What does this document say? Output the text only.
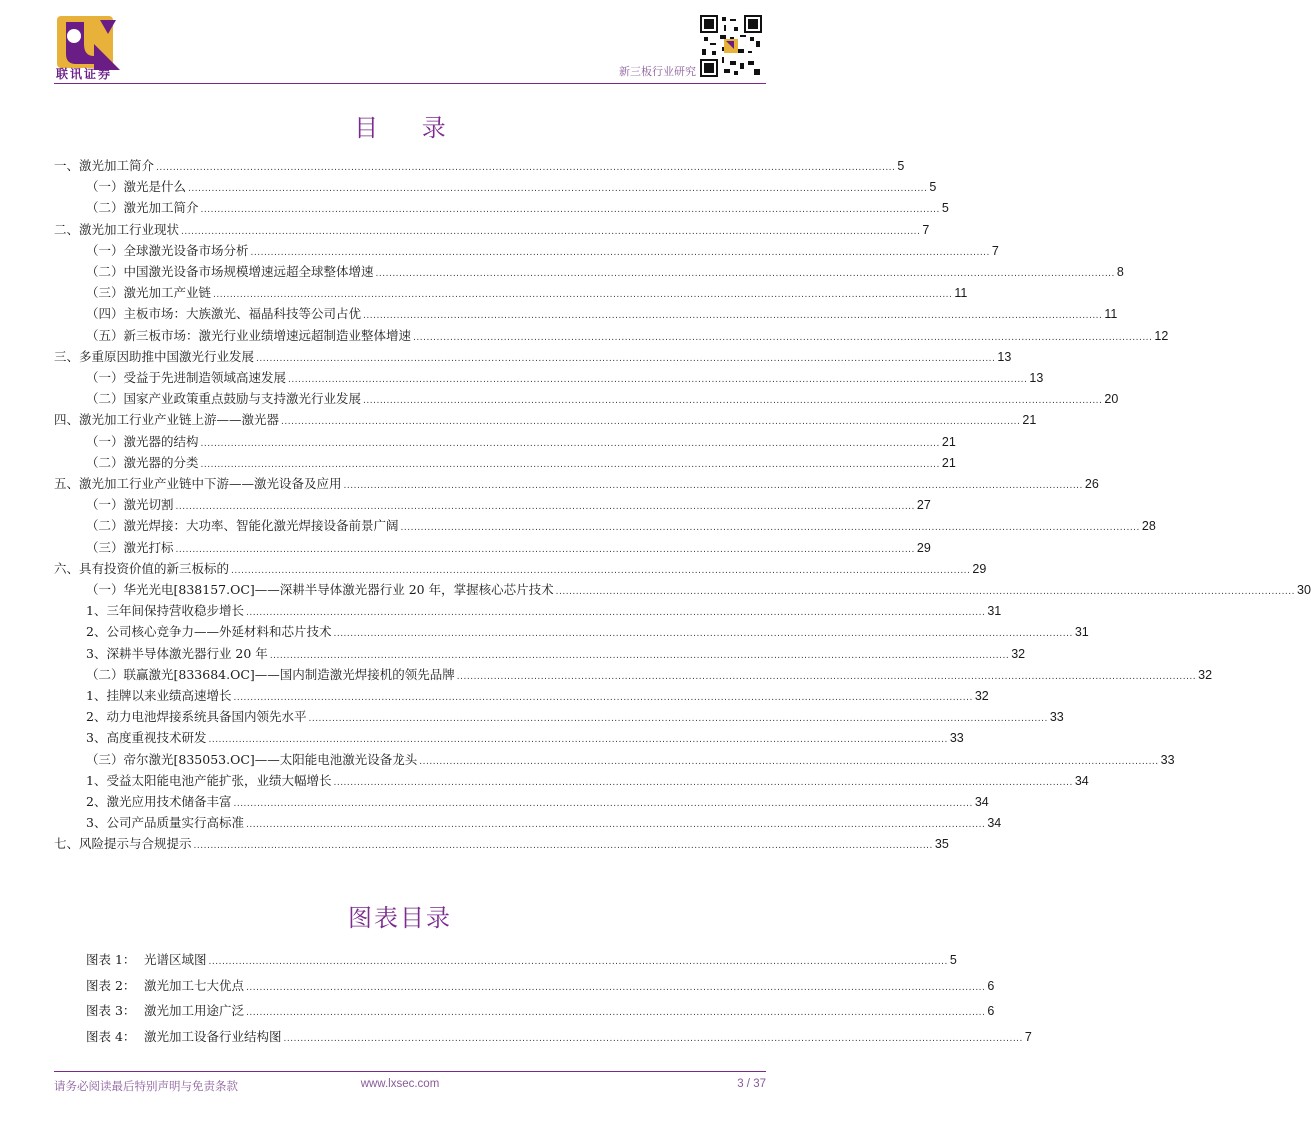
联讯证券	新三板行业研究
目 录
一、激光加工简介 ............................................................................................................................................................................................................................ 5
（一）激光是什么 ............................................................................................................................................................................................................................ 5
（二）激光加工简介 ............................................................................................................................................................................................................................ 5
二、激光加工行业现状 ............................................................................................................................................................................................................................ 7
（一）全球激光设备市场分析 ............................................................................................................................................................................................................................ 7
（二）中国激光设备市场规模增速远超全球整体增速 ............................................................................................................................................................................................................................ 8
（三）激光加工产业链 ............................................................................................................................................................................................................................ 11
（四）主板市场：大族激光、福晶科技等公司占优 ............................................................................................................................................................................................................................ 11
（五）新三板市场：激光行业业绩增速远超制造业整体增速 ............................................................................................................................................................................................................................ 12
三、多重原因助推中国激光行业发展 ............................................................................................................................................................................................................................ 13
（一）受益于先进制造领域高速发展 ............................................................................................................................................................................................................................ 13
（二）国家产业政策重点鼓励与支持激光行业发展 ............................................................................................................................................................................................................................ 20
四、激光加工行业产业链上游——激光器 ............................................................................................................................................................................................................................ 21
（一）激光器的结构 ............................................................................................................................................................................................................................ 21
（二）激光器的分类 ............................................................................................................................................................................................................................ 21
五、激光加工行业产业链中下游——激光设备及应用 ............................................................................................................................................................................................................................ 26
（一）激光切割 ............................................................................................................................................................................................................................ 27
（二）激光焊接：大功率、智能化激光焊接设备前景广阔 ............................................................................................................................................................................................................................ 28
（三）激光打标 ............................................................................................................................................................................................................................ 29
六、具有投资价值的新三板标的 ............................................................................................................................................................................................................................ 29
（一）华光光电[838157.OC]——深耕半导体激光器行业 20 年，掌握核心芯片技术 ............................................................................................................................................................................................................................ 30
1、三年间保持营收稳步增长 ............................................................................................................................................................................................................................ 31
2、公司核心竞争力——外延材料和芯片技术 ............................................................................................................................................................................................................................ 31
3、深耕半导体激光器行业 20 年 ............................................................................................................................................................................................................................ 32
（二）联赢激光[833684.OC]——国内制造激光焊接机的领先品牌 ............................................................................................................................................................................................................................ 32
1、挂牌以来业绩高速增长 ............................................................................................................................................................................................................................ 32
2、动力电池焊接系统具备国内领先水平 ............................................................................................................................................................................................................................ 33
3、高度重视技术研发 ............................................................................................................................................................................................................................ 33
（三）帝尔激光[835053.OC]——太阳能电池激光设备龙头 ............................................................................................................................................................................................................................ 33
1、受益太阳能电池产能扩张，业绩大幅增长 ............................................................................................................................................................................................................................ 34
2、激光应用技术储备丰富 ............................................................................................................................................................................................................................ 34
3、公司产品质量实行高标准 ............................................................................................................................................................................................................................ 34
七、风险提示与合规提示 ............................................................................................................................................................................................................................ 35
图表目录
图表 1： 光谱区域图 ............................................................................................................................................................................................................................ 5
图表 2： 激光加工七大优点 ............................................................................................................................................................................................................................ 6
图表 3： 激光加工用途广泛 ............................................................................................................................................................................................................................ 6
图表 4： 激光加工设备行业结构图 ............................................................................................................................................................................................................................ 7
请务必阅读最后特别声明与免责条款	www.lxsec.com	3 / 37
